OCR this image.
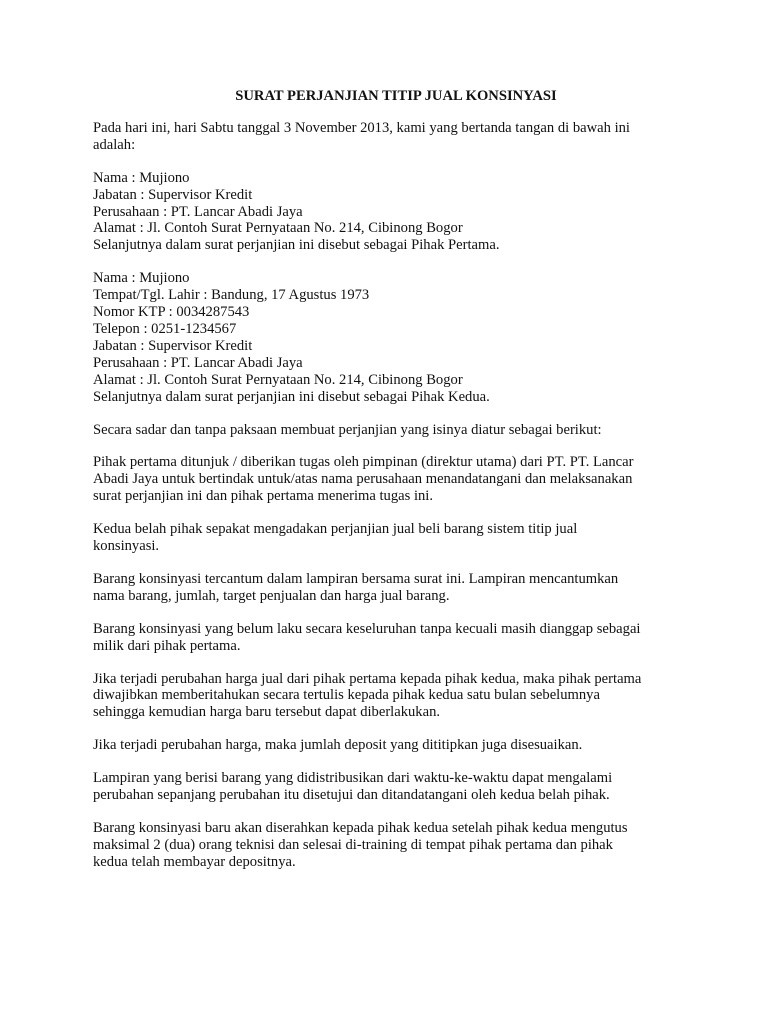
SURAT PERJANJIAN TITIP JUAL KONSINYASI
Pada hari ini, hari Sabtu tanggal 3 November 2013, kami yang bertanda tangan di bawah ini
adalah:
Nama : Mujiono
Jabatan : Supervisor Kredit
Perusahaan : PT. Lancar Abadi Jaya
Alamat : Jl. Contoh Surat Pernyataan No. 214, Cibinong Bogor
Selanjutnya dalam surat perjanjian ini disebut sebagai Pihak Pertama.
Nama : Mujiono
Tempat/Tgl. Lahir : Bandung, 17 Agustus 1973
Nomor KTP : 0034287543
Telepon : 0251-1234567
Jabatan : Supervisor Kredit
Perusahaan : PT. Lancar Abadi Jaya
Alamat : Jl. Contoh Surat Pernyataan No. 214, Cibinong Bogor
Selanjutnya dalam surat perjanjian ini disebut sebagai Pihak Kedua.
Secara sadar dan tanpa paksaan membuat perjanjian yang isinya diatur sebagai berikut:
Pihak pertama ditunjuk / diberikan tugas oleh pimpinan (direktur utama) dari PT. PT. Lancar
Abadi Jaya untuk bertindak untuk/atas nama perusahaan menandatangani dan melaksanakan
surat perjanjian ini dan pihak pertama menerima tugas ini.
Kedua belah pihak sepakat mengadakan perjanjian jual beli barang sistem titip jual
konsinyasi.
Barang konsinyasi tercantum dalam lampiran bersama surat ini. Lampiran mencantumkan
nama barang, jumlah, target penjualan dan harga jual barang.
Barang konsinyasi yang belum laku secara keseluruhan tanpa kecuali masih dianggap sebagai
milik dari pihak pertama.
Jika terjadi perubahan harga jual dari pihak pertama kepada pihak kedua, maka pihak pertama
diwajibkan memberitahukan secara tertulis kepada pihak kedua satu bulan sebelumnya
sehingga kemudian harga baru tersebut dapat diberlakukan.
Jika terjadi perubahan harga, maka jumlah deposit yang dititipkan juga disesuaikan.
Lampiran yang berisi barang yang didistribusikan dari waktu-ke-waktu dapat mengalami
perubahan sepanjang perubahan itu disetujui dan ditandatangani oleh kedua belah pihak.
Barang konsinyasi baru akan diserahkan kepada pihak kedua setelah pihak kedua mengutus
maksimal 2 (dua) orang teknisi dan selesai di-training di tempat pihak pertama dan pihak
kedua telah membayar depositnya.
